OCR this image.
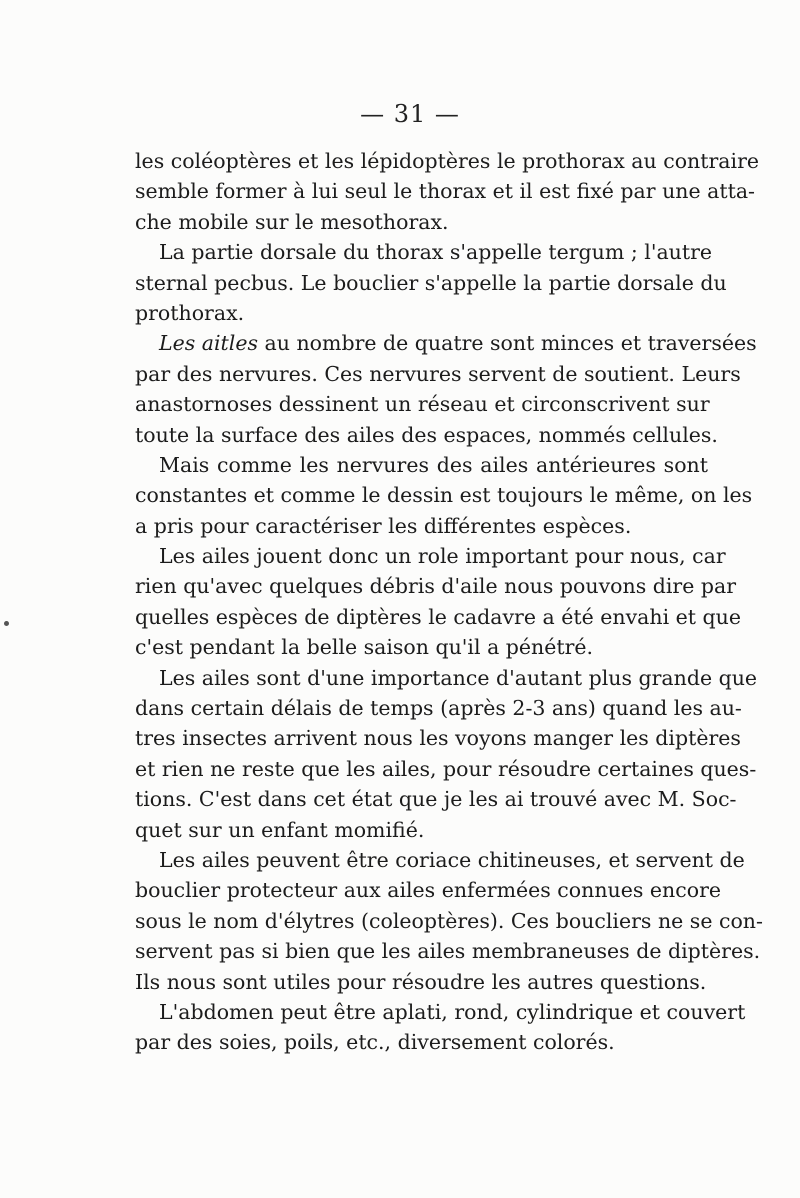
— 31 —
les coléoptères et les lépidoptères le prothorax au contraire
semble former à lui seul le thorax et il est fixé par une atta-
che mobile sur le mesothorax.
La partie dorsale du thorax s'appelle tergum ; l'autre
sternal pecbus. Le bouclier s'appelle la partie dorsale du
prothorax.
Les aitles au nombre de quatre sont minces et traversées
par des nervures. Ces nervures servent de soutient. Leurs
anastornoses dessinent un réseau et circonscrivent sur
toute la surface des ailes des espaces, nommés cellules.
Mais comme les nervures des ailes antérieures sont
constantes et comme le dessin est toujours le même, on les
a pris pour caractériser les différentes espèces.
Les ailes jouent donc un role important pour nous, car
rien qu'avec quelques débris d'aile nous pouvons dire par
quelles espèces de diptères le cadavre a été envahi et que
c'est pendant la belle saison qu'il a pénétré.
Les ailes sont d'une importance d'autant plus grande que
dans certain délais de temps (après 2-3 ans) quand les au-
tres insectes arrivent nous les voyons manger les diptères
et rien ne reste que les ailes, pour résoudre certaines ques-
tions. C'est dans cet état que je les ai trouvé avec M. Soc-
quet sur un enfant momifié.
Les ailes peuvent être coriace chitineuses, et servent de
bouclier protecteur aux ailes enfermées connues encore
sous le nom d'élytres (coleoptères). Ces boucliers ne se con-
servent pas si bien que les ailes membraneuses de diptères.
Ils nous sont utiles pour résoudre les autres questions.
L'abdomen peut être aplati, rond, cylindrique et couvert
par des soies, poils, etc., diversement colorés.
